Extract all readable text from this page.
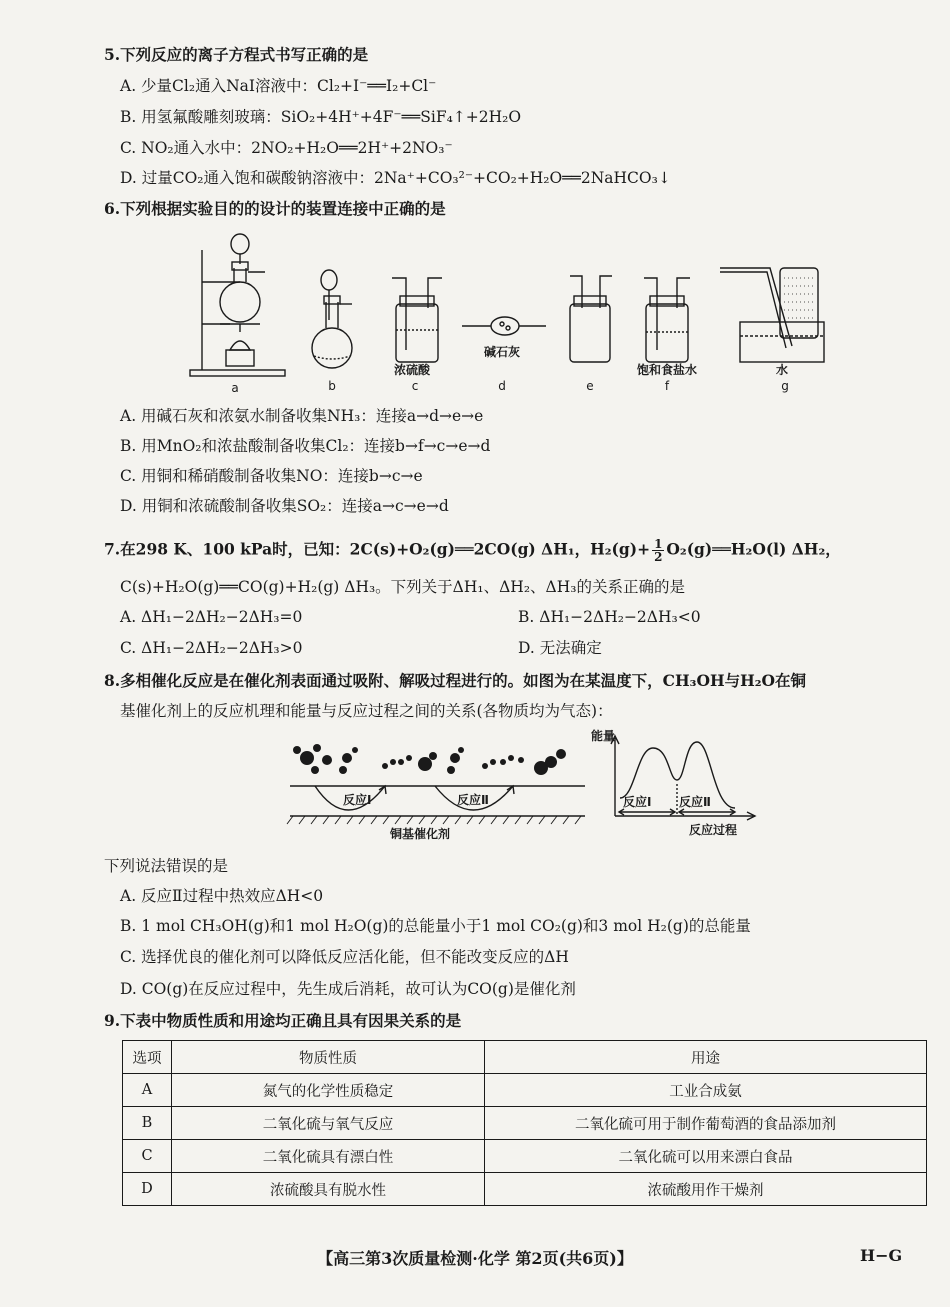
5.下列反应的离子方程式书写正确的是
A. 少量Cl₂通入NaI溶液中：Cl₂+I⁻══I₂+Cl⁻
B. 用氢氟酸雕刻玻璃：SiO₂+4H⁺+4F⁻══SiF₄↑+2H₂O
C. NO₂通入水中：2NO₂+H₂O══2H⁺+2NO₃⁻
D. 过量CO₂通入饱和碳酸钠溶液中：2Na⁺+CO₃²⁻+CO₂+H₂O══2NaHCO₃↓
6.下列根据实验目的的设计的装置连接中正确的是
碱石灰
浓硫酸	饱和食盐水	水
a	b	c	d	e	f	g
A. 用碱石灰和浓氨水制备收集NH₃：连接a→d→e→e
B. 用MnO₂和浓盐酸制备收集Cl₂：连接b→f→c→e→d
C. 用铜和稀硝酸制备收集NO：连接b→c→e
D. 用铜和浓硫酸制备收集SO₂：连接a→c→e→d
7.在298 K、100 kPa时，已知：2C(s)+O₂(g)══2CO(g) ΔH₁，$H_2(g)+ \frac{1}{2}$ O₂(g)══H₂O(l) ΔH₂，
C(s)+H₂O(g)══CO(g)+H₂(g) ΔH₃。下列关于ΔH₁、ΔH₂、ΔH₃的关系正确的是
A. ΔH₁−2ΔH₂−2ΔH₃=0	B. ΔH₁−2ΔH₂−2ΔH₃<0
C. ΔH₁−2ΔH₂−2ΔH₃>0	D. 无法确定
8.多相催化反应是在催化剂表面通过吸附、解吸过程进行的。如图为在某温度下，CH₃OH与H₂O在铜
基催化剂上的反应机理和能量与反应过程之间的关系(各物质均为气态)：
反应Ⅰ	反应Ⅱ
铜基催化剂
能量
反应Ⅰ 反应Ⅱ
反应过程
下列说法错误的是
A. 反应Ⅱ过程中热效应ΔH<0
B. 1 mol CH₃OH(g)和1 mol H₂O(g)的总能量小于1 mol CO₂(g)和3 mol H₂(g)的总能量
C. 选择优良的催化剂可以降低反应活化能，但不能改变反应的ΔH
D. CO(g)在反应过程中，先生成后消耗，故可认为CO(g)是催化剂
9.下表中物质性质和用途均正确且具有因果关系的是
选项	物质性质	用途
A	氮气的化学性质稳定	工业合成氨
B	二氧化硫与氧气反应	二氧化硫可用于制作葡萄酒的食品添加剂
C	二氧化硫具有漂白性	二氧化硫可以用来漂白食品
D	浓硫酸具有脱水性	浓硫酸用作干燥剂
【高三第3次质量检测·化学 第2页(共6页)】	H−G
